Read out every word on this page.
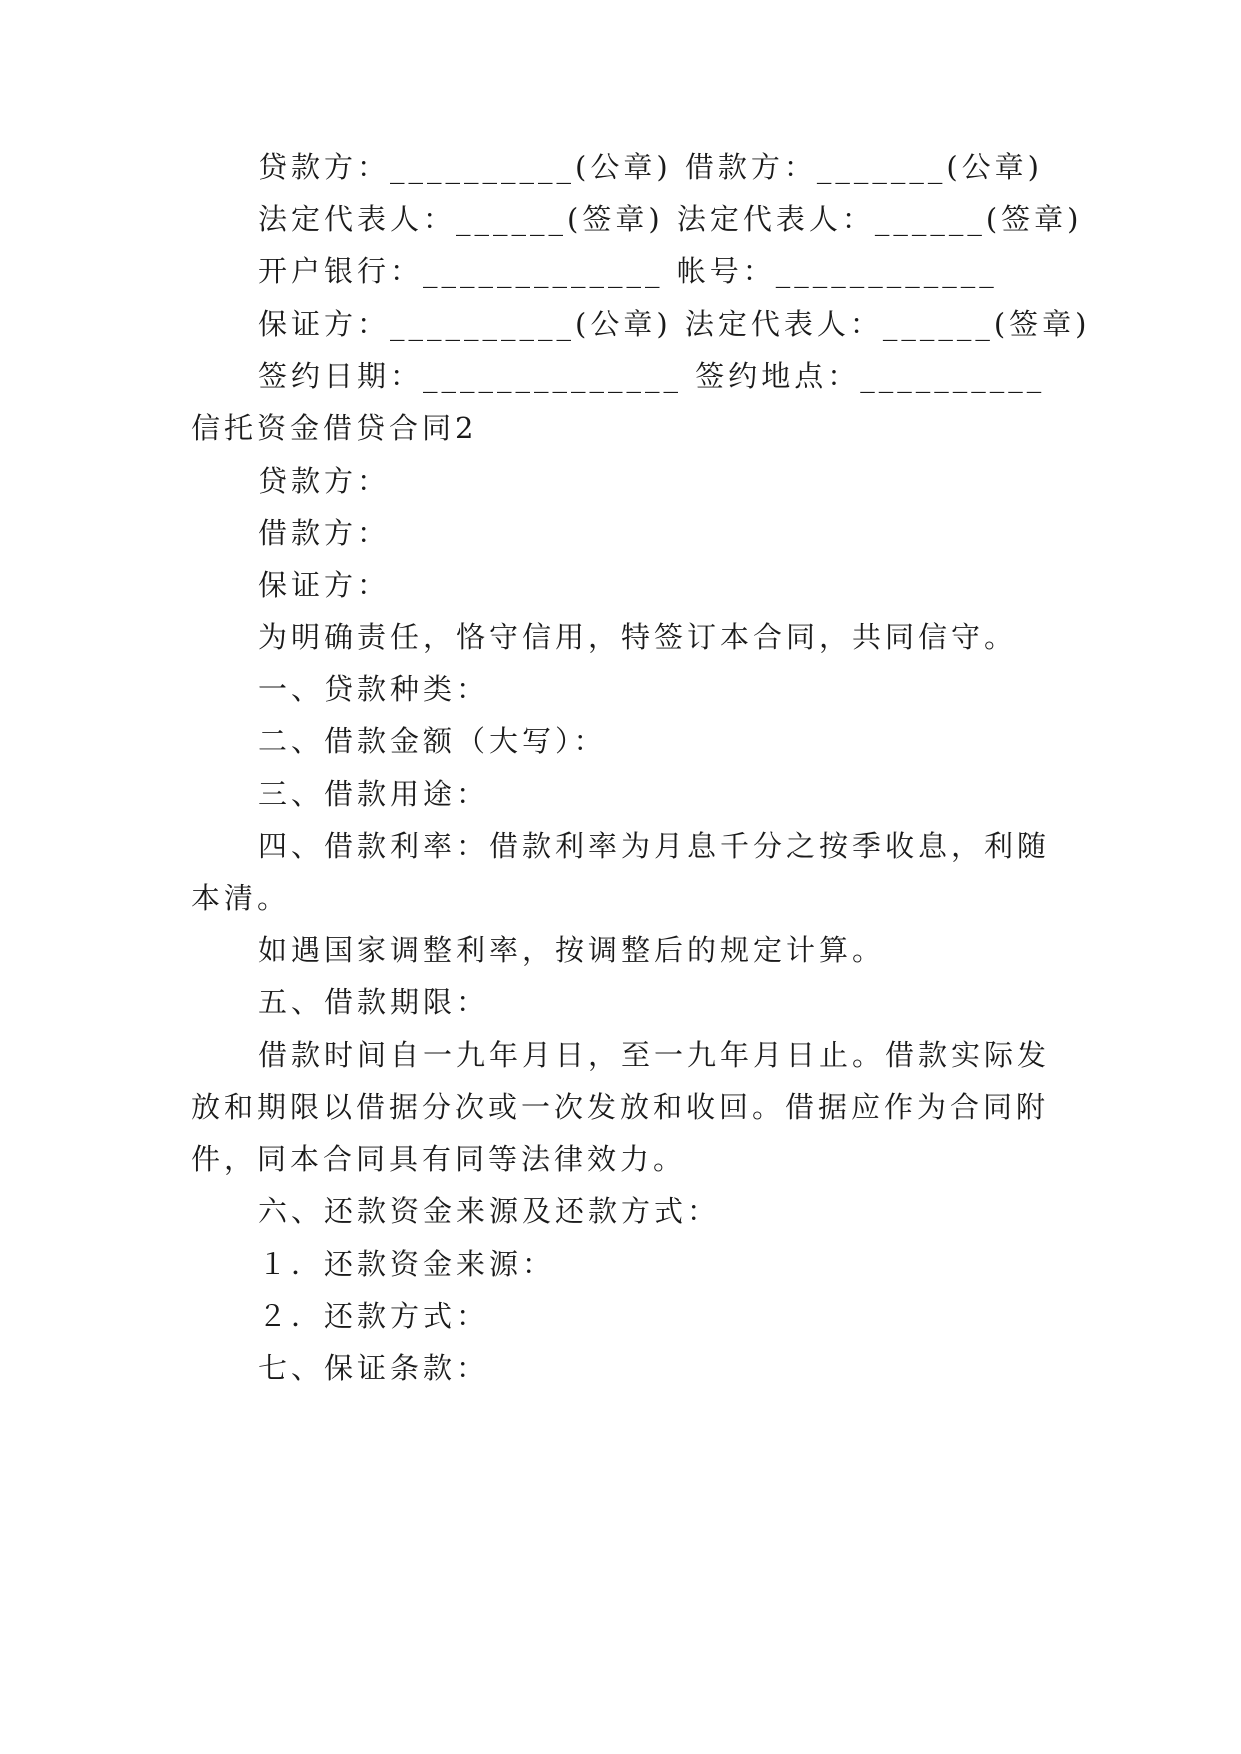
贷款方：__________(公章) 借款方：_______(公章)
法定代表人：______(签章) 法定代表人：______(签章)
开户银行：_____________ 帐号：____________
保证方：__________(公章) 法定代表人：______(签章)
签约日期：______________ 签约地点：__________
信托资金借贷合同2
贷款方：
借款方：
保证方：
为明确责任，恪守信用，特签订本合同，共同信守。
一、贷款种类：
二、借款金额（大写）：
三、借款用途：
四、借款利率：借款利率为月息千分之按季收息，利随
本清。
如遇国家调整利率，按调整后的规定计算。
五、借款期限：
借款时间自一九年月日，至一九年月日止。借款实际发
放和期限以借据分次或一次发放和收回。借据应作为合同附
件，同本合同具有同等法律效力。
六、还款资金来源及还款方式：
１．还款资金来源：
２．还款方式：
七、保证条款：
